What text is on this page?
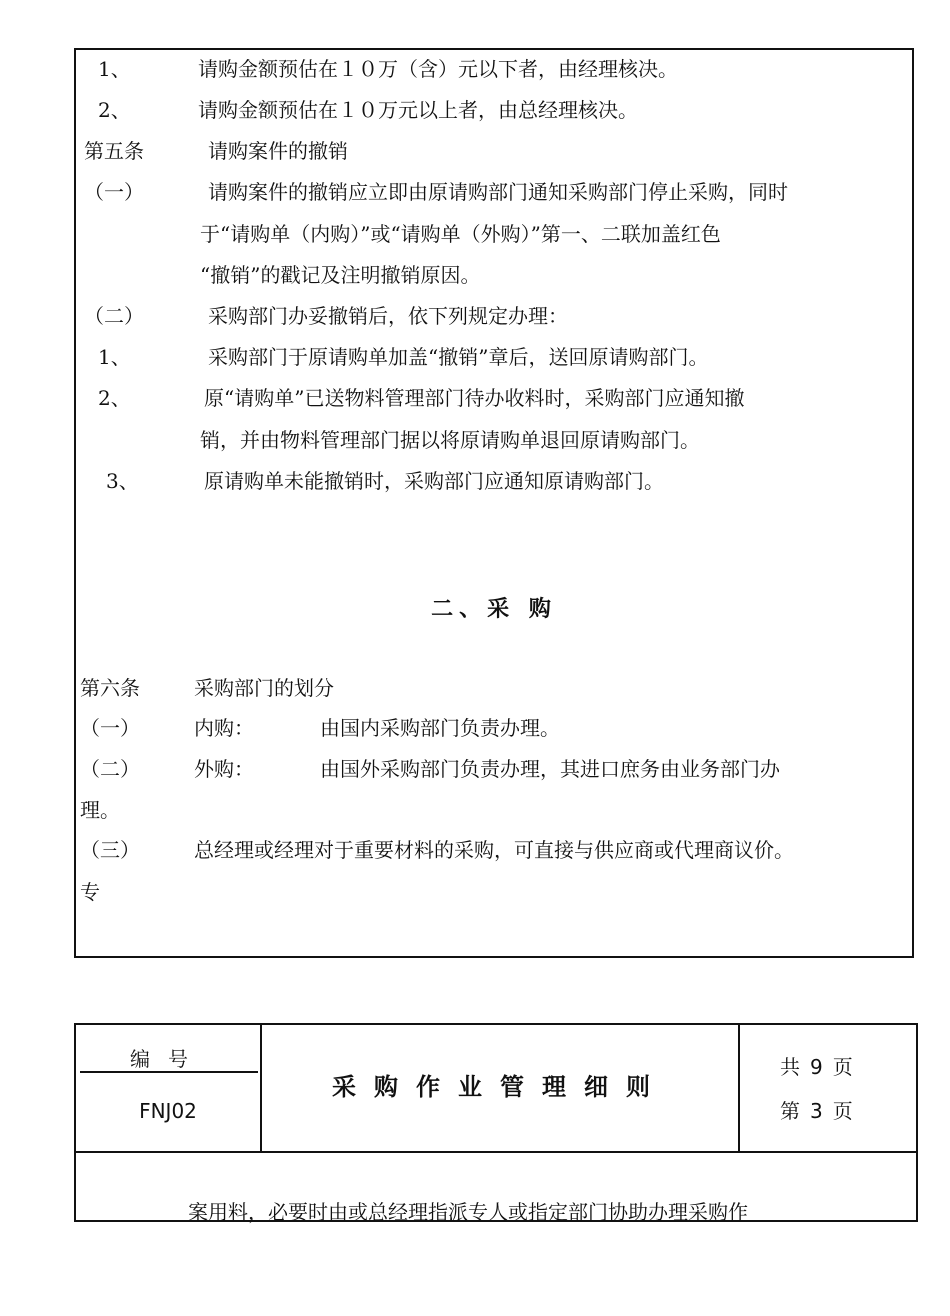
1、	请购金额预估在１０万（含）元以下者，由经理核决。
2、	请购金额预估在１０万元以上者，由总经理核决。
第五条	请购案件的撤销
（一）	请购案件的撤销应立即由原请购部门通知采购部门停止采购，同时
于“请购单（内购）”或“请购单（外购）”第一、二联加盖红色
“撤销”的戳记及注明撤销原因。
（二）	采购部门办妥撤销后，依下列规定办理：
1、	采购部门于原请购单加盖“撤销”章后，送回原请购部门。
2、	原“请购单”已送物料管理部门待办收料时，采购部门应通知撤
销，并由物料管理部门据以将原请购单退回原请购部门。
3、	原请购单未能撤销时，采购部门应通知原请购部门。
二、采 购
第六条	采购部门的划分
（一）	内购：	由国内采购部门负责办理。
（二）	外购：	由国外采购部门负责办理，其进口庶务由业务部门办
理。
（三）	总经理或经理对于重要材料的采购，可直接与供应商或代理商议价。
专
编号
FNJ02
采购作业管理细则
共 9 页
第 3 页
案用料，必要时由或总经理指派专人或指定部门协助办理采购作
